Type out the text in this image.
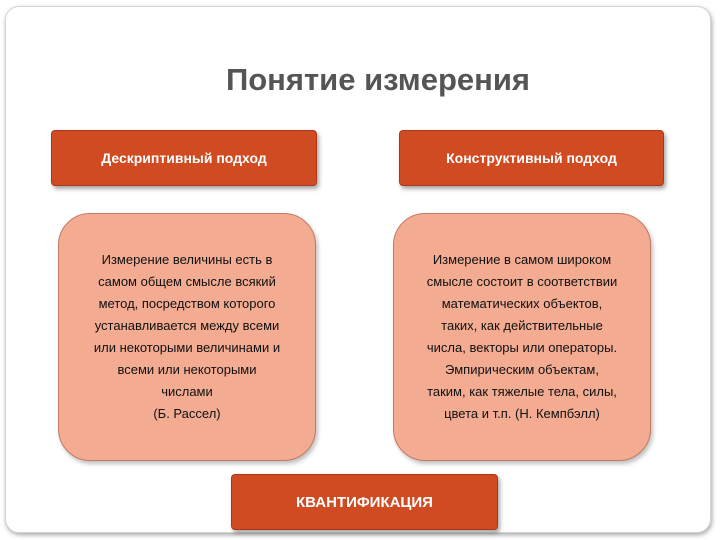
Понятие измерения
Дескриптивный подход	Конструктивный подход
Измерение величины есть в
самом общем смысле всякий
метод, посредством которого
устанавливается между всеми
или некоторыми величинами и
всеми или некоторыми
числами
(Б. Рассел)
Измерение в самом широком
смысле состоит в соответствии
математических объектов,
таких, как действительные
числа, векторы или операторы.
Эмпирическим объектам,
таким, как тяжелые тела, силы,
цвета и т.п. (Н. Кемпбэлл)
КВАНТИФИКАЦИЯ
